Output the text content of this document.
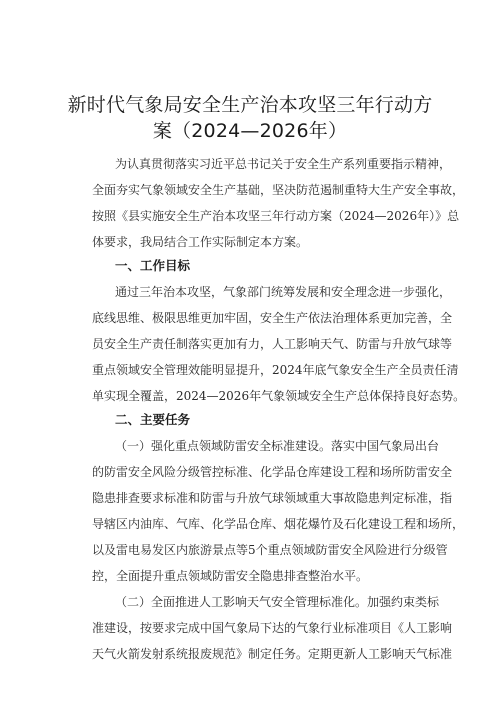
新时代气象局安全生产治本攻坚三年行动方
案（2024—2026年）
为认真贯彻落实习近平总书记关于安全生产系列重要指示精神，
全面夯实气象领域安全生产基础，坚决防范遏制重特大生产安全事故，
按照《县实施安全生产治本攻坚三年行动方案（2024—2026年）》总
体要求，我局结合工作实际制定本方案。
一、工作目标
通过三年治本攻坚，气象部门统筹发展和安全理念进一步强化，
底线思维、极限思维更加牢固，安全生产依法治理体系更加完善，全
员安全生产责任制落实更加有力，人工影响天气、防雷与升放气球等
重点领域安全管理效能明显提升，2024年底气象安全生产全员责任清
单实现全覆盖，2024—2026年气象领域安全生产总体保持良好态势。
二、主要任务
（一）强化重点领域防雷安全标准建设。落实中国气象局出台
的防雷安全风险分级管控标准、化学品仓库建设工程和场所防雷安全
隐患排查要求标准和防雷与升放气球领域重大事故隐患判定标准，指
导辖区内油库、气库、化学品仓库、烟花爆竹及石化建设工程和场所，
以及雷电易发区内旅游景点等5个重点领域防雷安全风险进行分级管
控，全面提升重点领域防雷安全隐患排查整治水平。
（二）全面推进人工影响天气安全管理标准化。加强约束类标
准建设，按要求完成中国气象局下达的气象行业标准项目《人工影响
天气火箭发射系统报废规范》制定任务。定期更新人工影响天气标准
